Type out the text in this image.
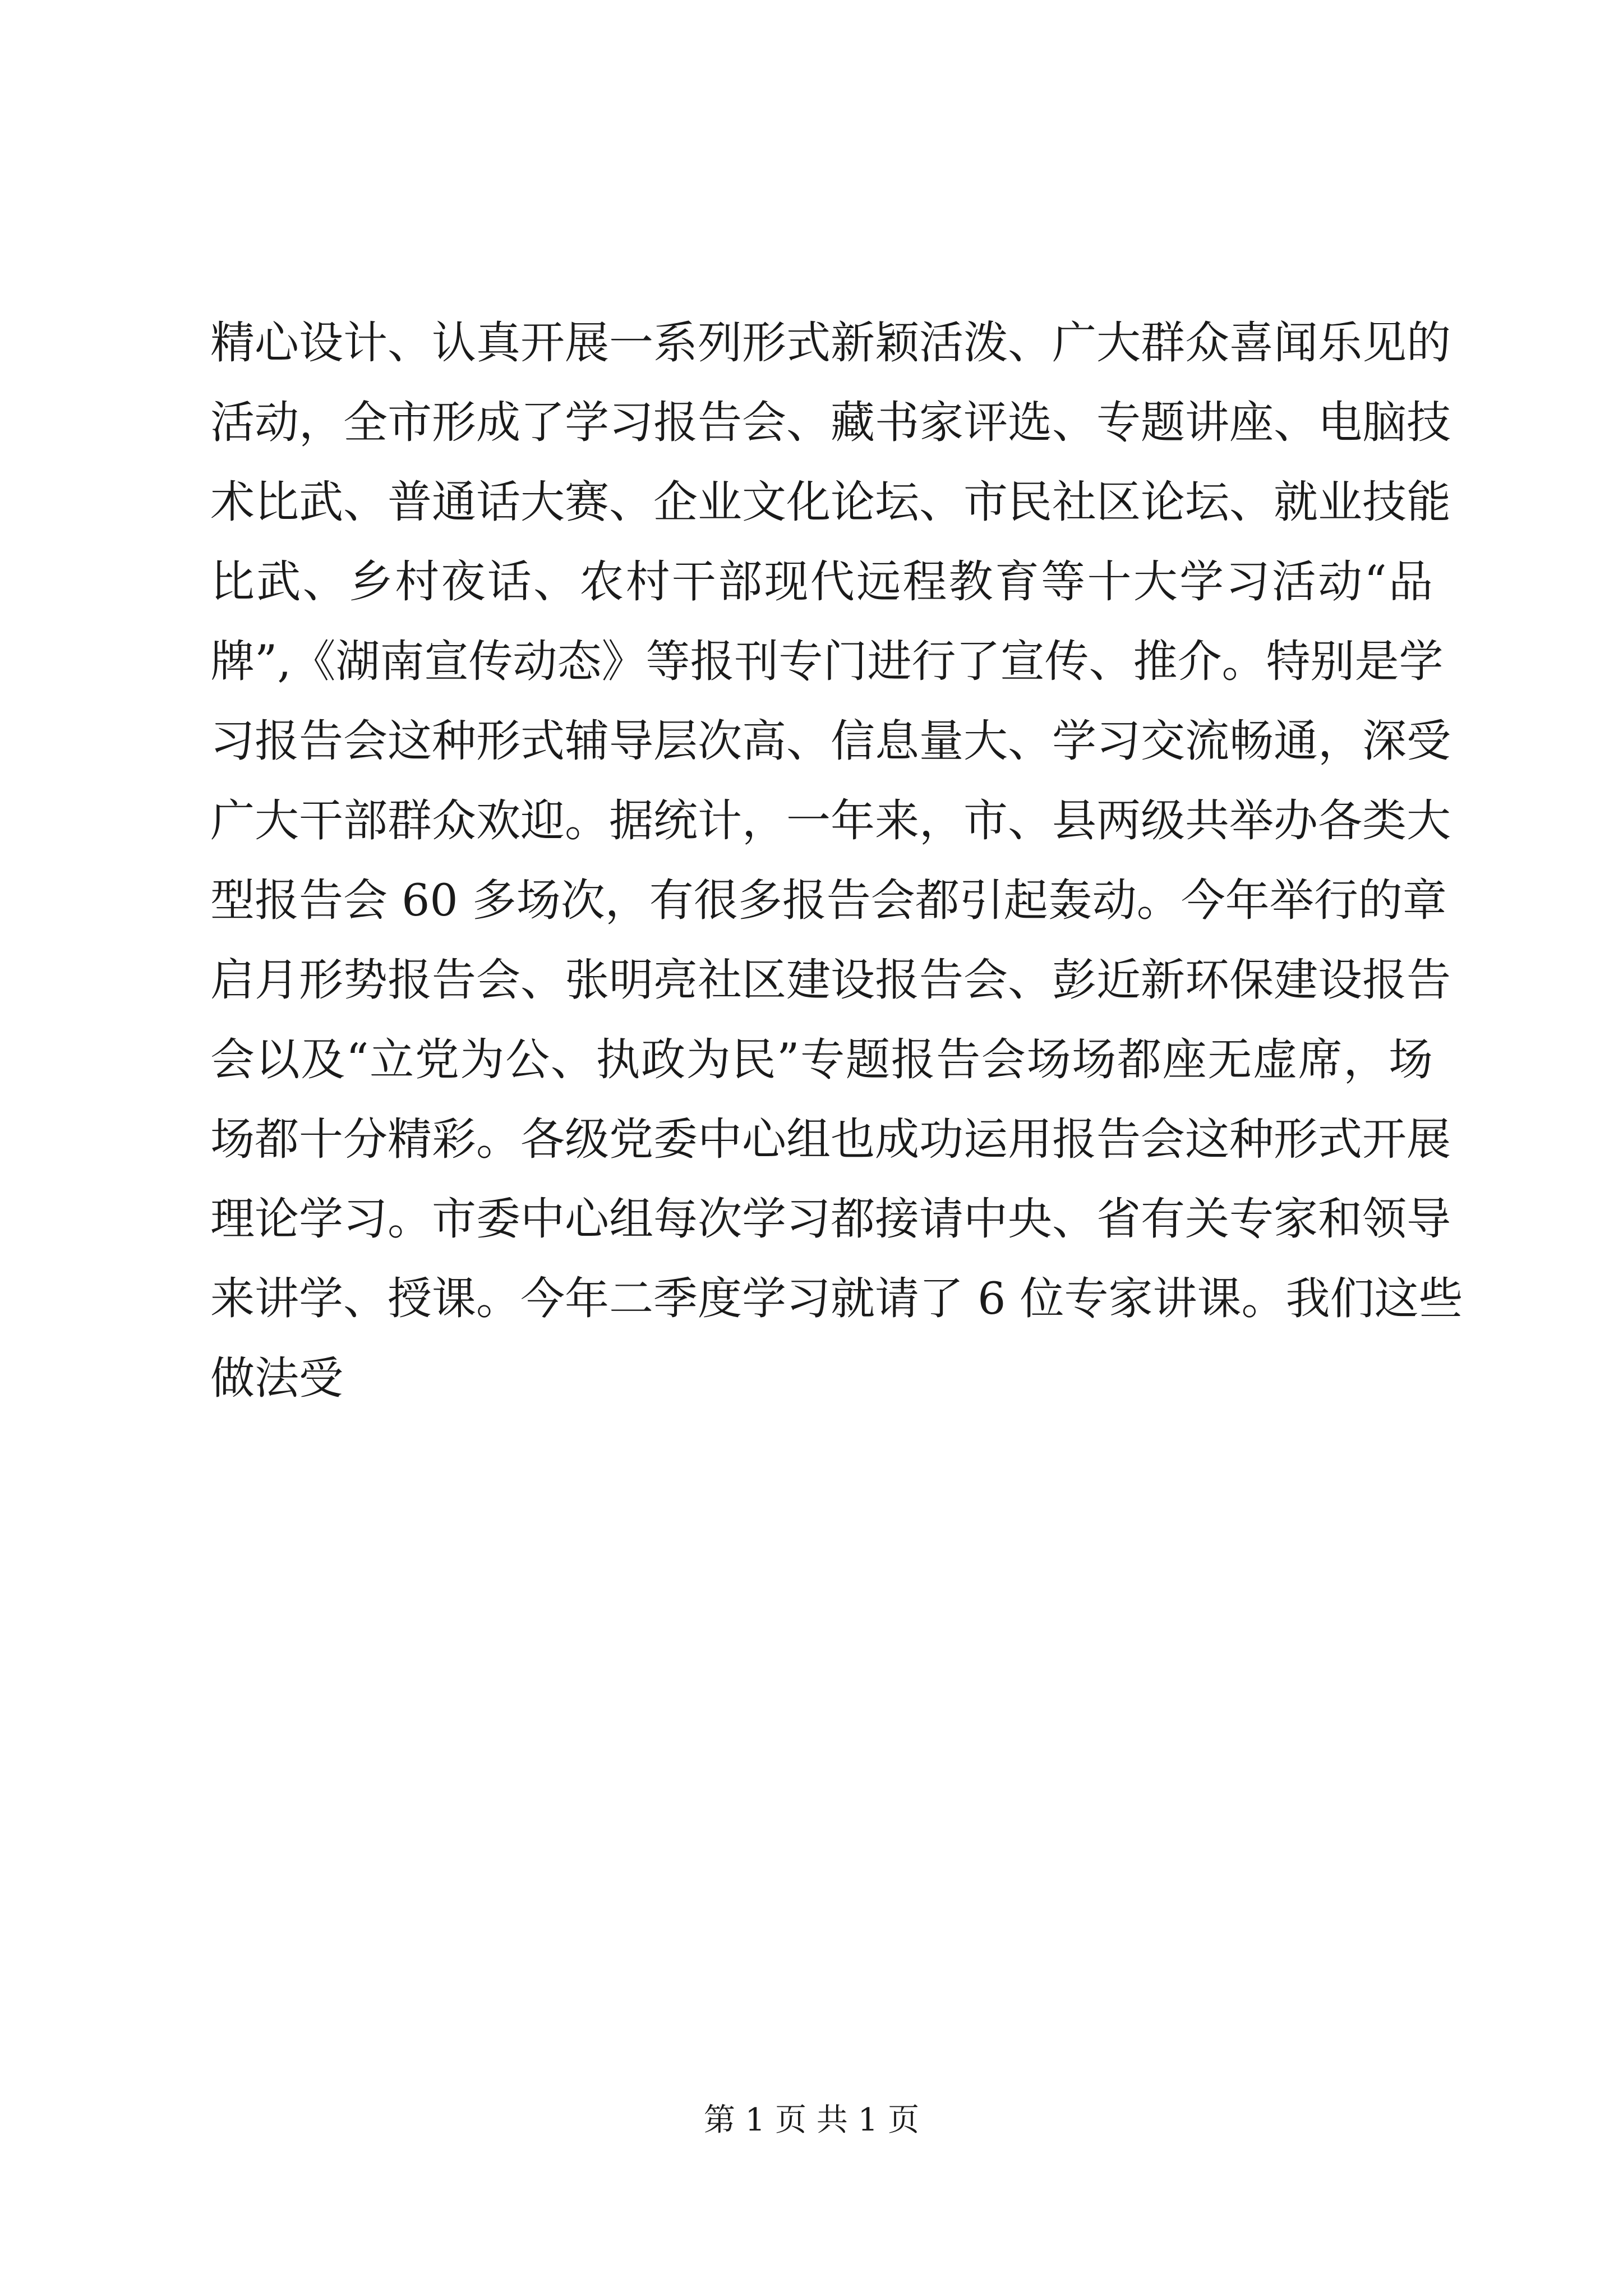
精心设计、认真开展一系列形式新颖活泼、广大群众喜闻乐见的
活动，全市形成了学习报告会、藏书家评选、专题讲座、电脑技
术比武、普通话大赛、企业文化论坛、市民社区论坛、就业技能
比武、乡村夜话、农村干部现代远程教育等十大学习活动“品
牌”,《湖南宣传动态》等报刊专门进行了宣传、推介。特别是学
习报告会这种形式辅导层次高、信息量大、学习交流畅通，深受
广大干部群众欢迎。据统计，一年来，市、县两级共举办各类大
型报告会 60 多场次，有很多报告会都引起轰动。今年举行的章
启月形势报告会、张明亮社区建设报告会、彭近新环保建设报告
会以及“立党为公、执政为民”专题报告会场场都座无虚席，场
场都十分精彩。各级党委中心组也成功运用报告会这种形式开展
理论学习。市委中心组每次学习都接请中央、省有关专家和领导
来讲学、授课。今年二季度学习就请了 6 位专家讲课。我们这些
做法受
第 1 页 共 1 页
